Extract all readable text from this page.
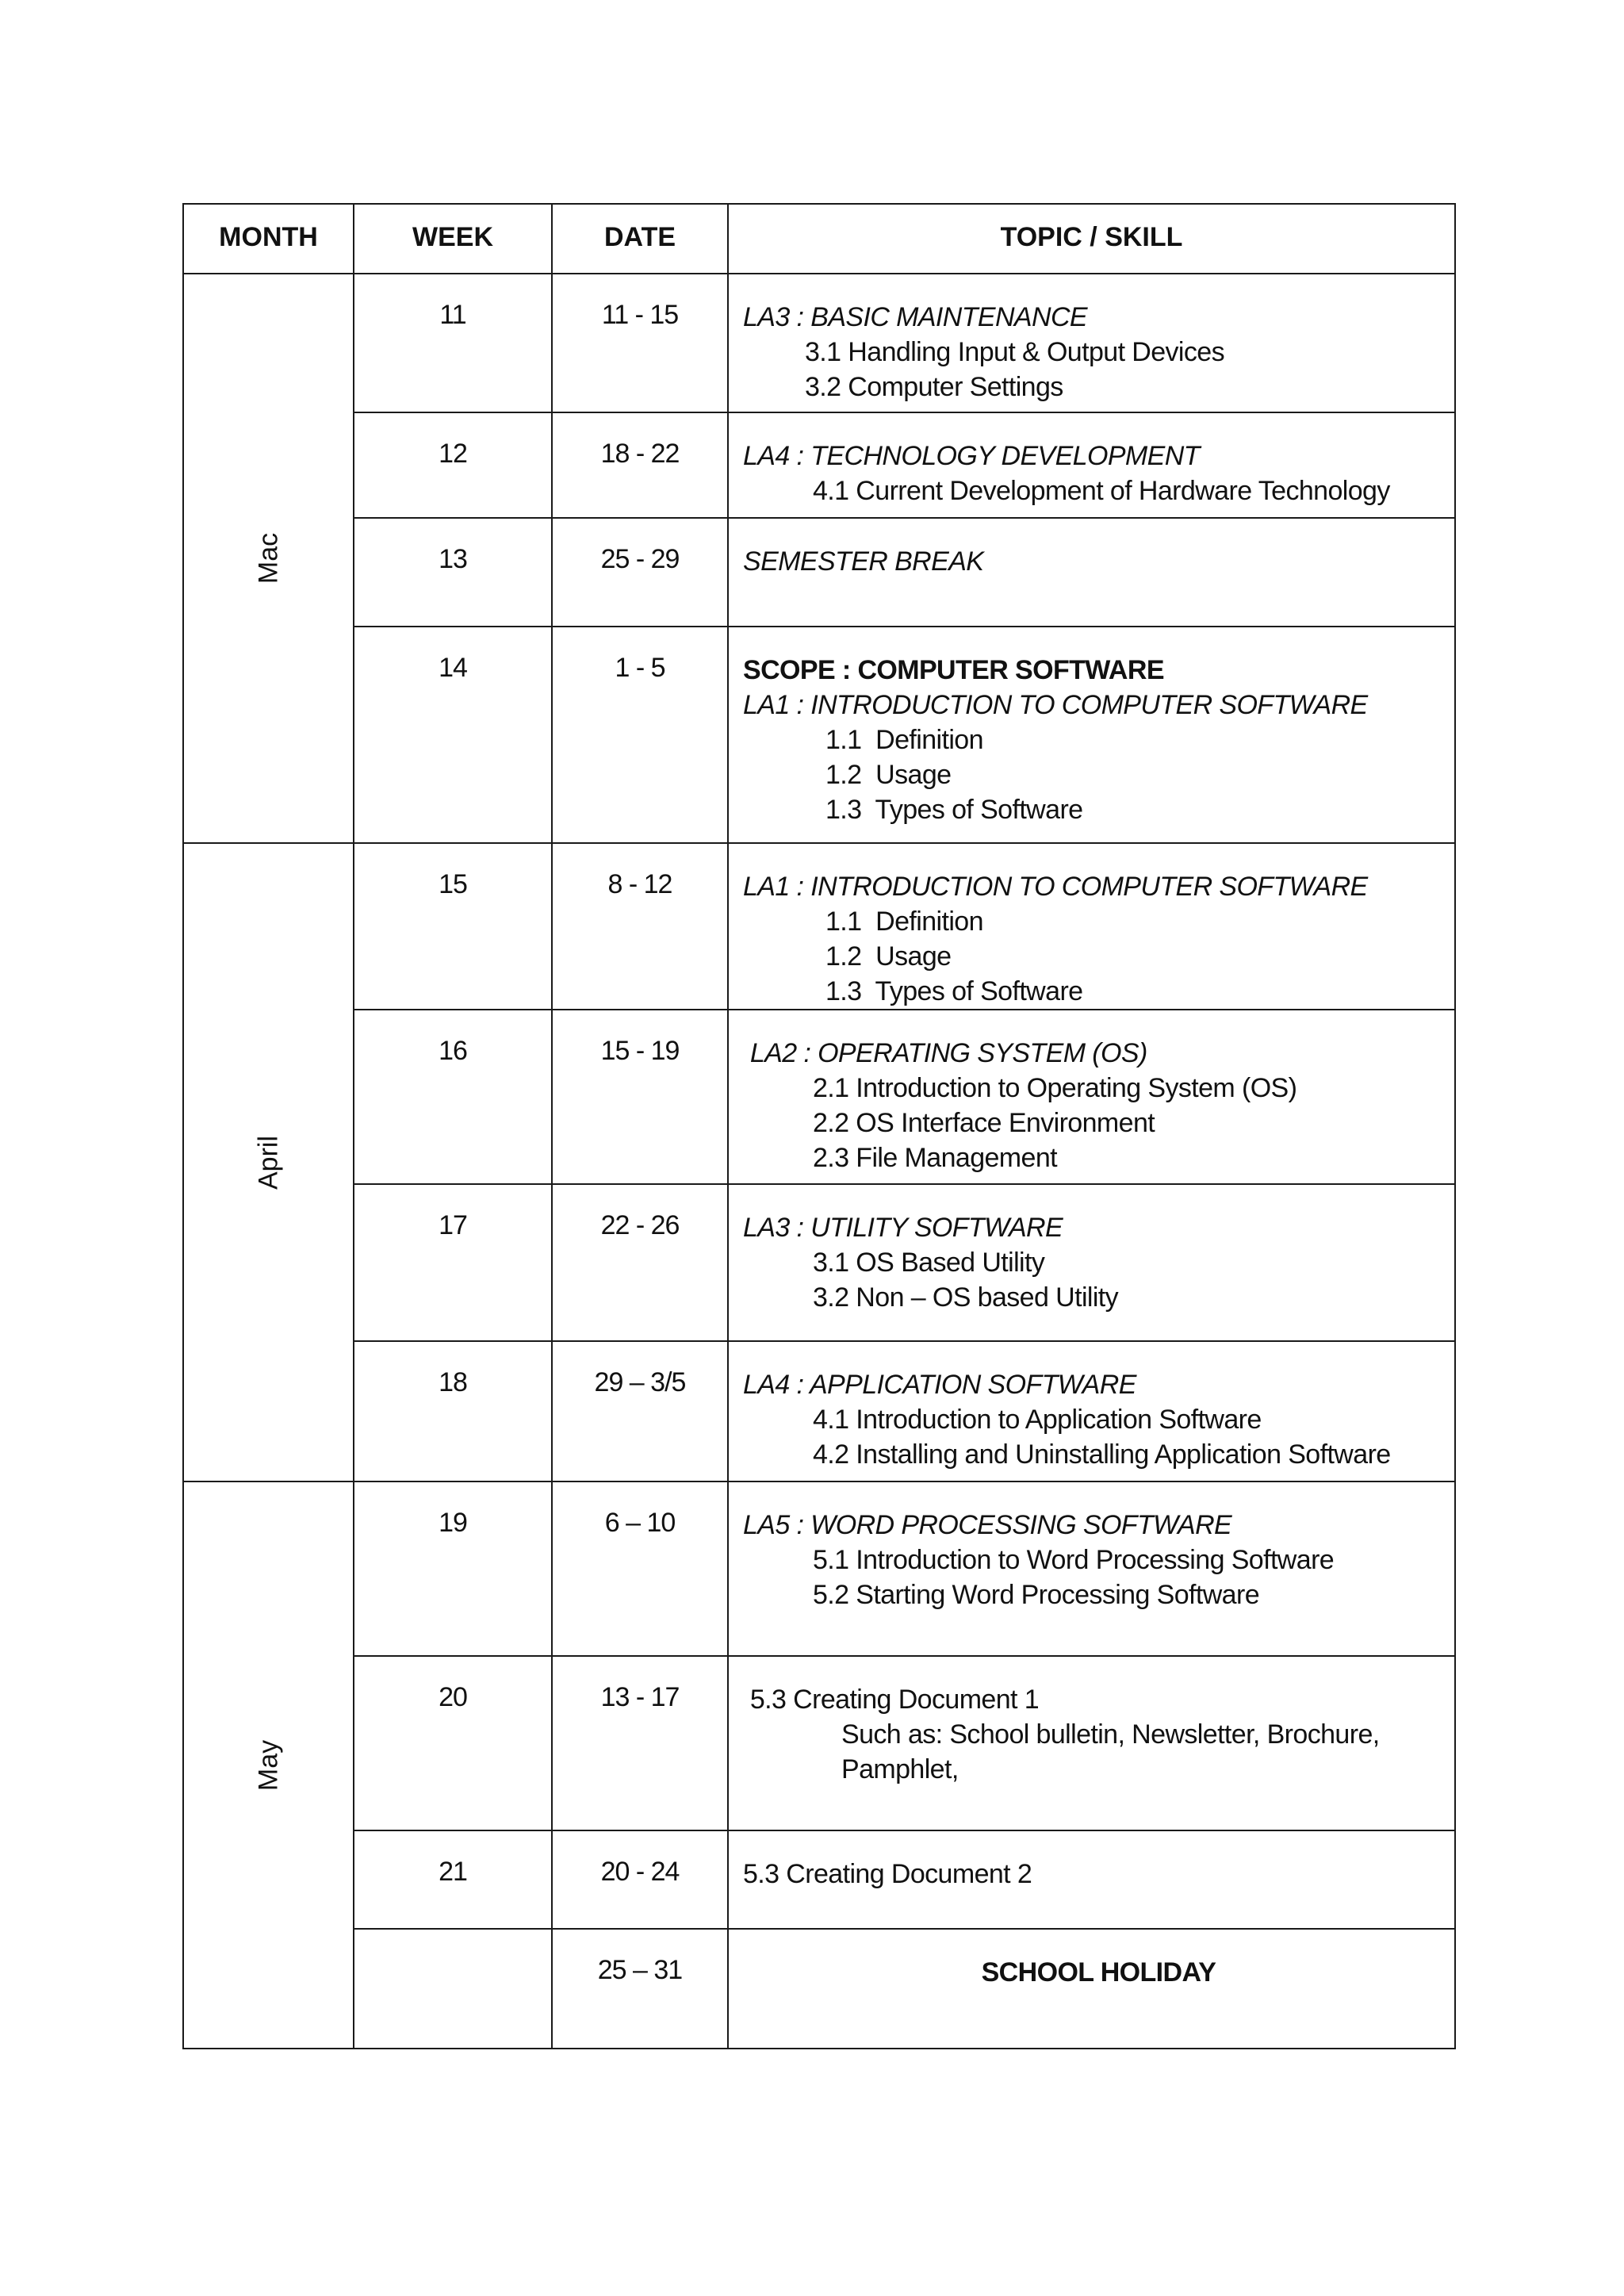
MONTH	WEEK	DATE	TOPIC / SKILL

Mac	11	11 - 15	LA3 : BASIC MAINTENANCE
3.1 Handling Input & Output Devices
3.2 Computer Settings

	12	18 - 22	LA4 : TECHNOLOGY DEVELOPMENT
4.1 Current Development of Hardware Technology

	13	25 - 29	SEMESTER BREAK

	14	1 - 5	SCOPE : COMPUTER SOFTWARE
LA1 : INTRODUCTION TO COMPUTER SOFTWARE
1.1  Definition
1.2  Usage
1.3  Types of Software

April	15	8 - 12	LA1 : INTRODUCTION TO COMPUTER SOFTWARE
1.1  Definition
1.2  Usage
1.3  Types of Software

	16	15 - 19	LA2 : OPERATING SYSTEM (OS)
2.1 Introduction to Operating System (OS)
2.2 OS Interface Environment
2.3 File Management

	17	22 - 26	LA3 : UTILITY SOFTWARE
3.1 OS Based Utility
3.2 Non – OS based Utility

	18	29 – 3/5	LA4 : APPLICATION SOFTWARE
4.1 Introduction to Application Software
4.2 Installing and Uninstalling Application Software

May	19	6 – 10	LA5 : WORD PROCESSING SOFTWARE
5.1 Introduction to Word Processing Software
5.2 Starting Word Processing Software

	20	13 - 17	5.3 Creating Document 1
Such as: School bulletin, Newsletter, Brochure,
Pamphlet,

	21	20 - 24	5.3 Creating Document 2

		25 – 31	SCHOOL HOLIDAY
